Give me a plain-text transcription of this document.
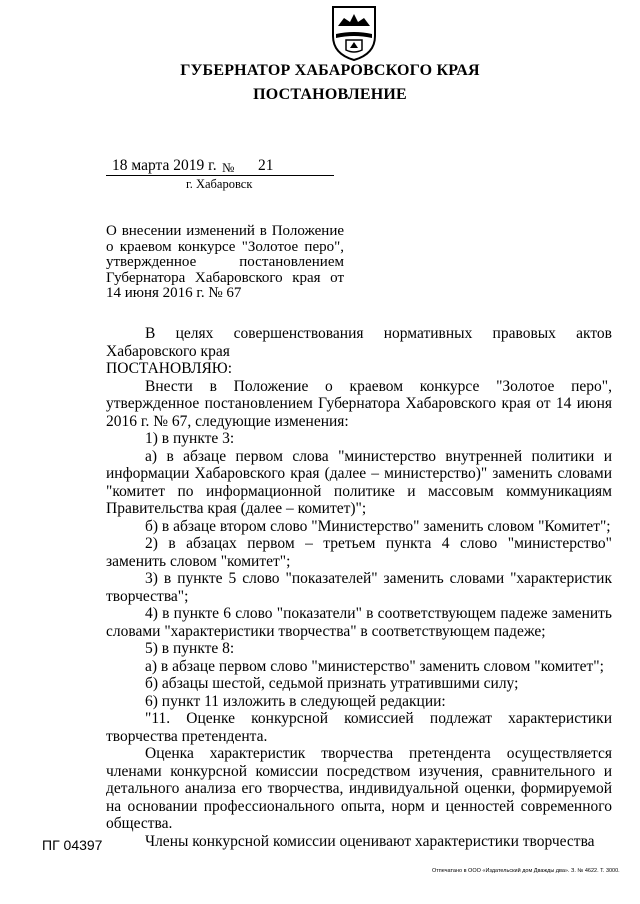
ГУБЕРНАТОР ХАБАРОВСКОГО КРАЯ
ПОСТАНОВЛЕНИЕ
18 марта 2019 г. № 21
г. Хабаровск
О внесении изменений в Положение о краевом конкурсе "Золотое перо", утвержденное постановлением Губернатора Хабаровского края от 14 июня 2016 г. № 67

В целях совершенствования нормативных правовых актов Хабаровского края

ПОСТАНОВЛЯЮ:

Внести в Положение о краевом конкурсе "Золотое перо", утвержденное постановлением Губернатора Хабаровского края от 14 июня 2016 г. № 67, следующие изменения:

1) в пункте 3:

а) в абзаце первом слова "министерство внутренней политики и информации Хабаровского края (далее – министерство)" заменить словами "комитет по информационной политике и массовым коммуникациям Правительства края (далее – комитет)";

б) в абзаце втором слово "Министерство" заменить словом "Комитет";

2) в абзацах первом – третьем пункта 4 слово "министерство" заменить словом "комитет";

3) в пункте 5 слово "показателей" заменить словами "характеристик творчества";

4) в пункте 6 слово "показатели" в соответствующем падеже заменить словами "характеристики творчества" в соответствующем падеже;

5) в пункте 8:

а) в абзаце первом слово "министерство" заменить словом "комитет";

б) абзацы шестой, седьмой признать утратившими силу;

6) пункт 11 изложить в следующей редакции:

"11. Оценке конкурсной комиссией подлежат характеристики творчества претендента.

Оценка характеристик творчества претендента осуществляется членами конкурсной комиссии посредством изучения, сравнительного и детального анализа его творчества, индивидуальной оценки, формируемой на основании профессионального опыта, норм и ценностей современного общества.

Члены конкурсной комиссии оценивают характеристики творчества

ПГ 04397
Отпечатано в ООО «Издательский дом Дважды два». З. № 4622. Т. 3000.
